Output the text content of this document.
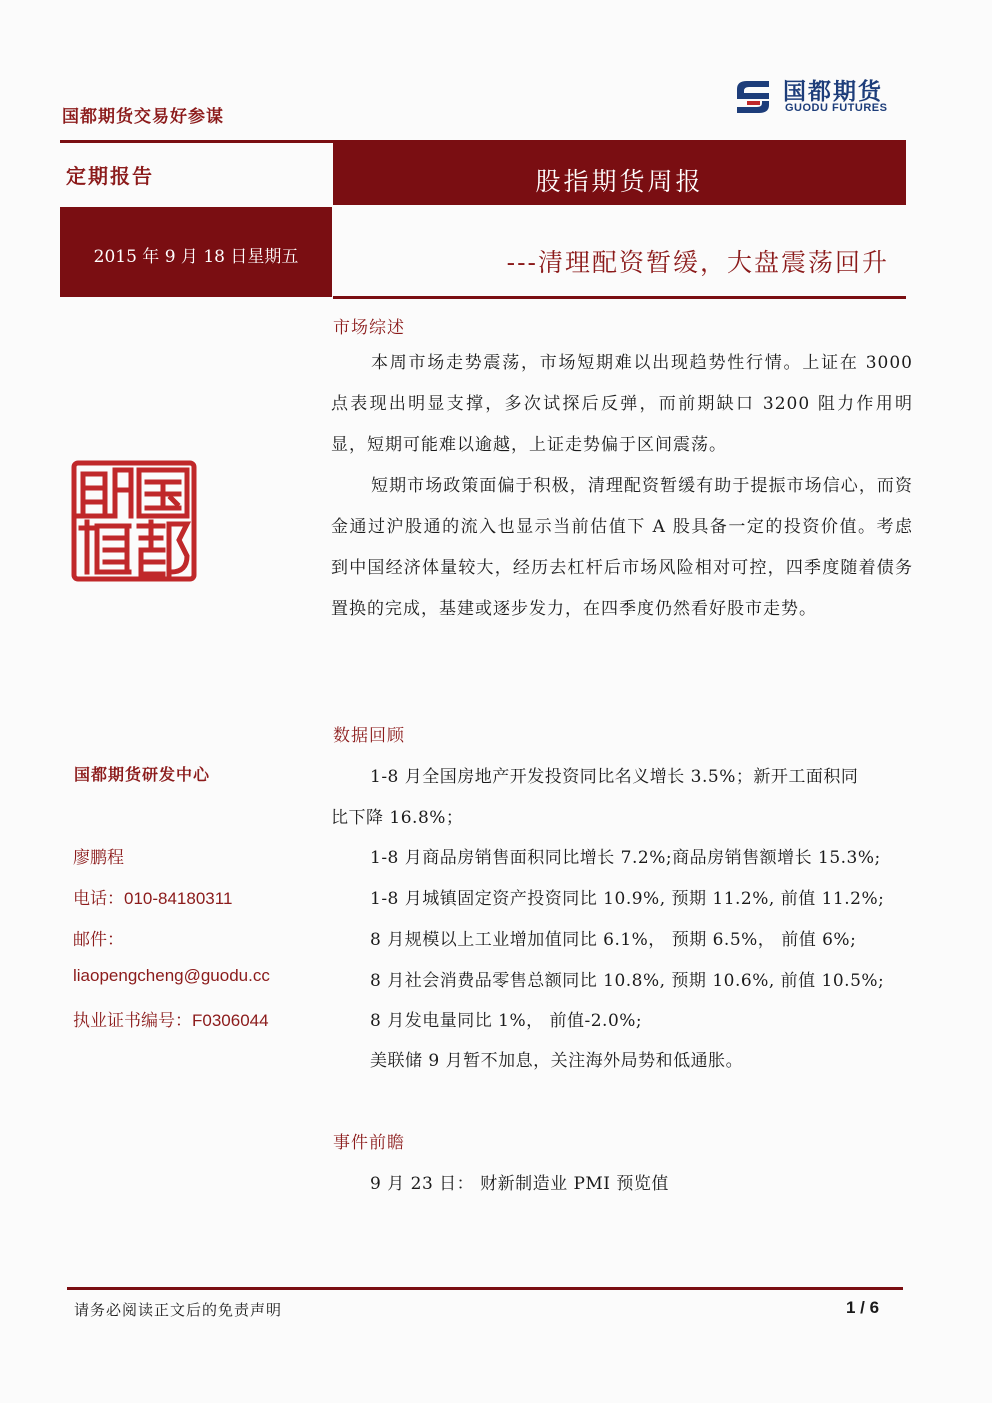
国都期货交易好参谋
国都期货
GUODU FUTURES
定期报告	股指期货周报
2015 年 9 月 18 日星期五	---清理配资暂缓，大盘震荡回升
国都期货研发中心
廖鹏程
电话：010-84180311
邮件：
liaopengcheng@guodu.cc
执业证书编号：F0306044
市场综述

本周市场走势震荡，市场短期难以出现趋势性行情。上证在 3000 点表现出明显支撑，多次试探后反弹，而前期缺口 3200 阻力作用明显，短期可能难以逾越，上证走势偏于区间震荡。

短期市场政策面偏于积极，清理配资暂缓有助于提振市场信心，而资金通过沪股通的流入也显示当前估值下 A 股具备一定的投资价值。考虑到中国经济体量较大，经历去杠杆后市场风险相对可控，四季度随着债务置换的完成，基建或逐步发力，在四季度仍然看好股市走势。

数据回顾
1-8 月全国房地产开发投资同比名义增长 3.5%；新开工面积同
比下降 16.8%；
1-8 月商品房销售面积同比增长 7.2%;商品房销售额增长 15.3%;
1-8 月城镇固定资产投资同比 10.9%, 预期 11.2%, 前值 11.2%;
8 月规模以上工业增加值同比 6.1%， 预期 6.5%， 前值 6%;
8 月社会消费品零售总额同比 10.8%, 预期 10.6%, 前值 10.5%;
8 月发电量同比 1%， 前值-2.0%;
美联储 9 月暂不加息，关注海外局势和低通胀。
事件前瞻
9 月 23 日： 财新制造业 PMI 预览值
请务必阅读正文后的免责声明	1 / 6
